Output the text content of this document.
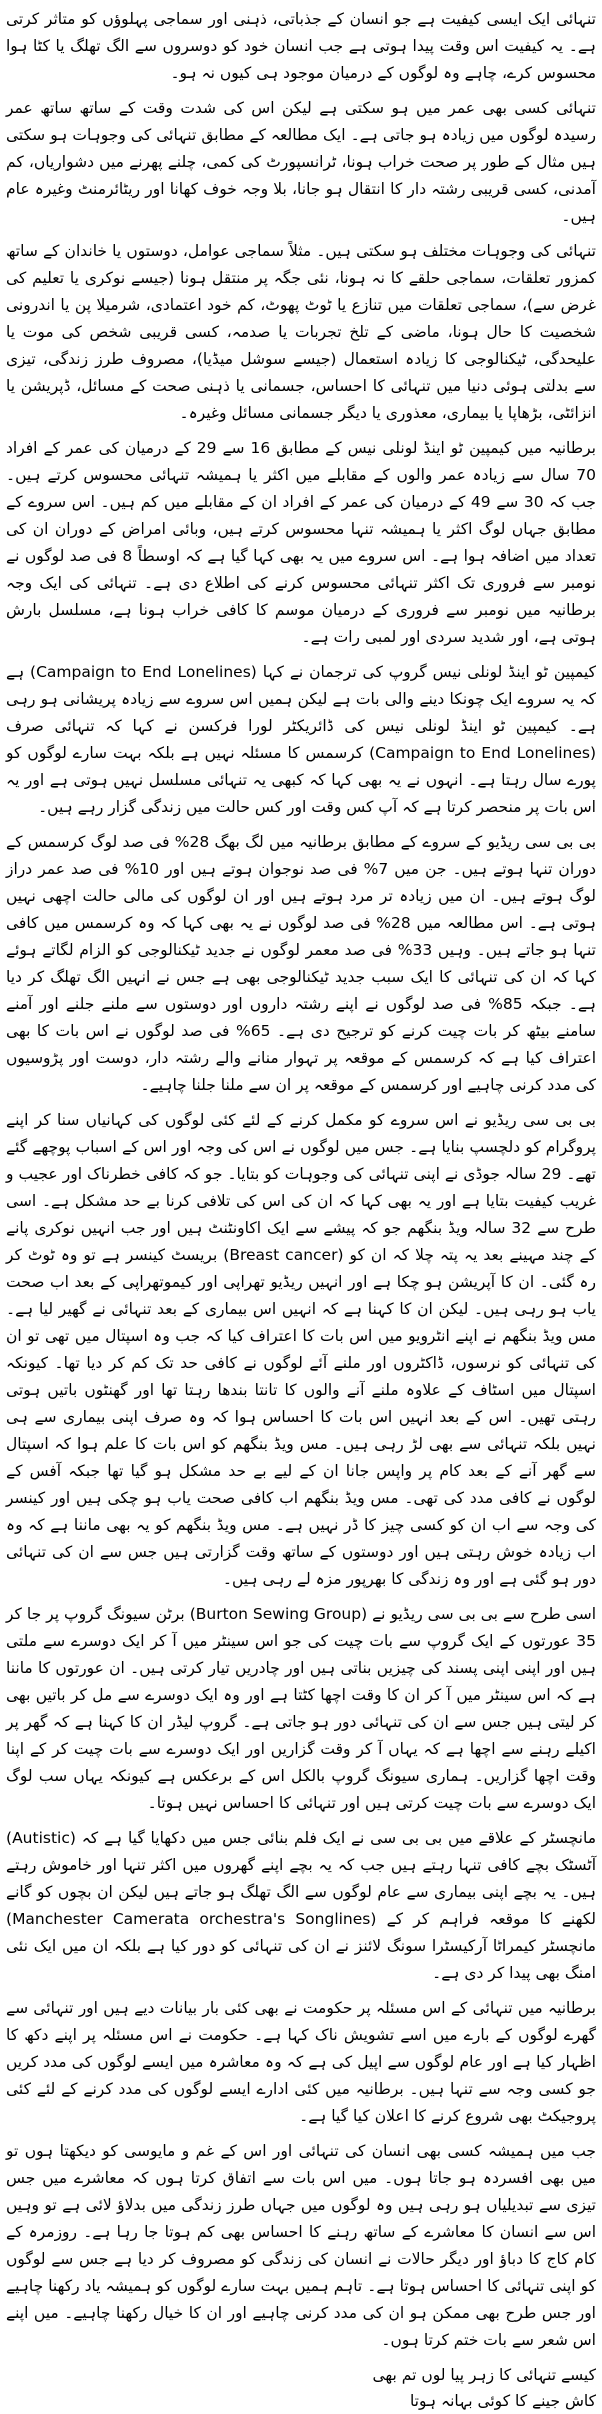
تنہائی ایک ایسی کیفیت ہے جو انسان کے جذباتی، ذہنی اور سماجی پہلوؤں کو متاثر کرتی ہے۔ یہ کیفیت اس وقت پیدا ہوتی ہے جب انسان خود کو دوسروں سے الگ تھلگ یا کٹا ہوا محسوس کرے، چاہے وہ لوگوں کے درمیان موجود ہی کیوں نہ ہو۔

تنہائی کسی بھی عمر میں ہو سکتی ہے لیکن اس کی شدت وقت کے ساتھ ساتھ عمر رسیدہ لوگوں میں زیادہ ہو جاتی ہے۔ ایک مطالعہ کے مطابق تنہائی کی وجوہات ہو سکتی ہیں مثال کے طور پر صحت خراب ہونا، ٹرانسپورٹ کی کمی، چلنے پھرنے میں دشواریاں، کم آمدنی، کسی قریبی رشتہ دار کا انتقال ہو جانا، بلا وجہ خوف کھانا اور ریٹائرمنٹ وغیرہ عام ہیں۔

تنہائی کی وجوہات مختلف ہو سکتی ہیں۔ مثلاً سماجی عوامل، دوستوں یا خاندان کے ساتھ کمزور تعلقات، سماجی حلقے کا نہ ہونا، نئی جگہ پر منتقل ہونا (جیسے نوکری یا تعلیم کی غرض سے)، سماجی تعلقات میں تنازع یا ٹوٹ پھوٹ، کم خود اعتمادی، شرمیلا پن یا اندرونی شخصیت کا حال ہونا، ماضی کے تلخ تجربات یا صدمہ، کسی قریبی شخص کی موت یا علیحدگی، ٹیکنالوجی کا زیادہ استعمال (جیسے سوشل میڈیا)، مصروف طرز زندگی، تیزی سے بدلتی ہوئی دنیا میں تنہائی کا احساس، جسمانی یا ذہنی صحت کے مسائل، ڈپریشن یا انزائٹی، بڑھاپا یا بیماری، معذوری یا دیگر جسمانی مسائل وغیرہ۔

برطانیہ میں کیمپین ٹو اینڈ لونلی نیس کے مطابق 16 سے 29 کے درمیان کی عمر کے افراد 70 سال سے زیادہ عمر والوں کے مقابلے میں اکثر یا ہمیشہ تنہائی محسوس کرتے ہیں۔ جب کہ 30 سے 49 کے درمیان کی عمر کے افراد ان کے مقابلے میں کم ہیں۔ اس سروے کے مطابق جہاں لوگ اکثر یا ہمیشہ تنہا محسوس کرتے ہیں، وبائی امراض کے دوران ان کی تعداد میں اضافہ ہوا ہے۔ اس سروے میں یہ بھی کہا گیا ہے کہ اوسطاً 8 فی صد لوگوں نے نومبر سے فروری تک اکثر تنہائی محسوس کرنے کی اطلاع دی ہے۔ تنہائی کی ایک وجہ برطانیہ میں نومبر سے فروری کے درمیان موسم کا کافی خراب ہونا ہے، مسلسل بارش ہوتی ہے، اور شدید سردی اور لمبی رات ہے۔

کیمپین ٹو اینڈ لونلی نیس گروپ کی ترجمان نے کہا (Campaign to End Lonelines) ہے کہ یہ سروے ایک چونکا دینے والی بات ہے لیکن ہمیں اس سروے سے زیادہ پریشانی ہو رہی ہے۔ کیمپین ٹو اینڈ لونلی نیس کی ڈائریکٹر لورا فرکسن نے کہا کہ تنہائی صرف (Campaign to End Lonelines) کرسمس کا مسئلہ نہیں ہے بلکہ بہت سارے لوگوں کو پورے سال رہتا ہے۔ انہوں نے یہ بھی کہا کہ کبھی یہ تنہائی مسلسل نہیں ہوتی ہے اور یہ اس بات پر منحصر کرتا ہے کہ آپ کس وقت اور کس حالت میں زندگی گزار رہے ہیں۔

بی بی سی ریڈیو کے سروے کے مطابق برطانیہ میں لگ بھگ 28% فی صد لوگ کرسمس کے دوران تنہا ہوتے ہیں۔ جن میں 7% فی صد نوجوان ہوتے ہیں اور 10% فی صد عمر دراز لوگ ہوتے ہیں۔ ان میں زیادہ تر مرد ہوتے ہیں اور ان لوگوں کی مالی حالت اچھی نہیں ہوتی ہے۔ اس مطالعہ میں 28% فی صد لوگوں نے یہ بھی کہا کہ وہ کرسمس میں کافی تنہا ہو جاتے ہیں۔ وہیں 33% فی صد معمر لوگوں نے جدید ٹیکنالوجی کو الزام لگاتے ہوئے کہا کہ ان کی تنہائی کا ایک سبب جدید ٹیکنالوجی بھی ہے جس نے انہیں الگ تھلگ کر دیا ہے۔ جبکہ 85% فی صد لوگوں نے اپنے رشتہ داروں اور دوستوں سے ملنے جلنے اور آمنے سامنے بیٹھ کر بات چیت کرنے کو ترجیح دی ہے۔ 65% فی صد لوگوں نے اس بات کا بھی اعتراف کیا ہے کہ کرسمس کے موقعہ پر تہوار منانے والے رشتہ دار، دوست اور پڑوسیوں کی مدد کرنی چاہیے اور کرسمس کے موقعہ پر ان سے ملنا جلنا چاہیے۔

بی بی سی ریڈیو نے اس سروے کو مکمل کرنے کے لئے کئی لوگوں کی کہانیاں سنا کر اپنے پروگرام کو دلچسپ بنایا ہے۔ جس میں لوگوں نے اس کی وجہ اور اس کے اسباب پوچھے گئے تھے۔ 29 سالہ جوڈی نے اپنی تنہائی کی وجوہات کو بتایا۔ جو کہ کافی خطرناک اور عجیب و غریب کیفیت بتایا ہے اور یہ بھی کہا کہ ان کی اس کی تلافی کرنا بے حد مشکل ہے۔ اسی طرح سے 32 سالہ ویڈ بنگھم جو کہ پیشے سے ایک اکاونٹنٹ ہیں اور جب انہیں نوکری پانے کے چند مہینے بعد یہ پتہ چلا کہ ان کو (Breast cancer) بریسٹ کینسر ہے تو وہ ٹوٹ کر رہ گئی۔ ان کا آپریشن ہو چکا ہے اور انہیں ریڈیو تھراپی اور کیموتھراپی کے بعد اب صحت یاب ہو رہی ہیں۔ لیکن ان کا کہنا ہے کہ انہیں اس بیماری کے بعد تنہائی نے گھیر لیا ہے۔ مس ویڈ بنگھم نے اپنے انٹرویو میں اس بات کا اعتراف کیا کہ جب وہ اسپتال میں تھی تو ان کی تنہائی کو نرسوں، ڈاکٹروں اور ملنے آئے لوگوں نے کافی حد تک کم کر دیا تھا۔ کیونکہ اسپتال میں اسٹاف کے علاوہ ملنے آنے والوں کا تانتا بندھا رہتا تھا اور گھنٹوں باتیں ہوتی رہتی تھیں۔ اس کے بعد انہیں اس بات کا احساس ہوا کہ وہ صرف اپنی بیماری سے ہی نہیں بلکہ تنہائی سے بھی لڑ رہی ہیں۔ مس ویڈ بنگھم کو اس بات کا علم ہوا کہ اسپتال سے گھر آنے کے بعد کام پر واپس جانا ان کے لیے بے حد مشکل ہو گیا تھا جبکہ آفس کے لوگوں نے کافی مدد کی تھی۔ مس ویڈ بنگھم اب کافی صحت یاب ہو چکی ہیں اور کینسر کی وجہ سے اب ان کو کسی چیز کا ڈر نہیں ہے۔ مس ویڈ بنگھم کو یہ بھی ماننا ہے کہ وہ اب زیادہ خوش رہتی ہیں اور دوستوں کے ساتھ وقت گزارتی ہیں جس سے ان کی تنہائی دور ہو گئی ہے اور وہ زندگی کا بھرپور مزہ لے رہی ہیں۔

اسی طرح سے بی بی سی ریڈیو نے (Burton Sewing Group) برٹن سیونگ گروپ پر جا کر 35 عورتوں کے ایک گروپ سے بات چیت کی جو اس سینٹر میں آ کر ایک دوسرے سے ملتی ہیں اور اپنی اپنی پسند کی چیزیں بناتی ہیں اور چادریں تیار کرتی ہیں۔ ان عورتوں کا ماننا ہے کہ اس سینٹر میں آ کر ان کا وقت اچھا کٹتا ہے اور وہ ایک دوسرے سے مل کر باتیں بھی کر لیتی ہیں جس سے ان کی تنہائی دور ہو جاتی ہے۔ گروپ لیڈر ان کا کہنا ہے کہ گھر پر اکیلے رہنے سے اچھا ہے کہ یہاں آ کر وقت گزاریں اور ایک دوسرے سے بات چیت کر کے اپنا وقت اچھا گزاریں۔ ہماری سیونگ گروپ بالکل اس کے برعکس ہے کیونکہ یہاں سب لوگ ایک دوسرے سے بات چیت کرتی ہیں اور تنہائی کا احساس نہیں ہوتا۔

مانچسٹر کے علاقے میں بی بی سی نے ایک فلم بنائی جس میں دکھایا گیا ہے کہ (Autistic) آٹسٹک بچے کافی تنہا رہتے ہیں جب کہ یہ بچے اپنے گھروں میں اکثر تنہا اور خاموش رہتے ہیں۔ یہ بچے اپنی بیماری سے عام لوگوں سے الگ تھلگ ہو جاتے ہیں لیکن ان بچوں کو گانے لکھنے کا موقعہ فراہم کر کے (Manchester Camerata orchestra's Songlines) مانچسٹر کیمراٹا آرکیسٹرا سونگ لائنز نے ان کی تنہائی کو دور کیا ہے بلکہ ان میں ایک نئی امنگ بھی پیدا کر دی ہے۔

برطانیہ میں تنہائی کے اس مسئلہ پر حکومت نے بھی کئی بار بیانات دیے ہیں اور تنہائی سے گھرے لوگوں کے بارے میں اسے تشویش ناک کہا ہے۔ حکومت نے اس مسئلہ پر اپنے دکھ کا اظہار کیا ہے اور عام لوگوں سے اپیل کی ہے کہ وہ معاشرہ میں ایسے لوگوں کی مدد کریں جو کسی وجہ سے تنہا ہیں۔ برطانیہ میں کئی ادارے ایسے لوگوں کی مدد کرنے کے لئے کئی پروجیکٹ بھی شروع کرنے کا اعلان کیا گیا ہے۔

جب میں ہمیشہ کسی بھی انسان کی تنہائی اور اس کے غم و مایوسی کو دیکھتا ہوں تو میں بھی افسردہ ہو جاتا ہوں۔ میں اس بات سے اتفاق کرتا ہوں کہ معاشرے میں جس تیزی سے تبدیلیاں ہو رہی ہیں وہ لوگوں میں جہاں طرز زندگی میں بدلاؤ لائی ہے تو وہیں اس سے انسان کا معاشرے کے ساتھ رہنے کا احساس بھی کم ہوتا جا رہا ہے۔ روزمرہ کے کام کاج کا دباؤ اور دیگر حالات نے انسان کی زندگی کو مصروف کر دیا ہے جس سے لوگوں کو اپنی تنہائی کا احساس ہوتا ہے۔ تاہم ہمیں بہت سارے لوگوں کو ہمیشہ یاد رکھنا چاہیے اور جس طرح بھی ممکن ہو ان کی مدد کرنی چاہیے اور ان کا خیال رکھنا چاہیے۔ میں اپنے اس شعر سے بات ختم کرتا ہوں۔

کیسے تنہائی کا زہر پیا لوں تم بھی
کاش جینے کا کوئی بہانہ ہوتا
